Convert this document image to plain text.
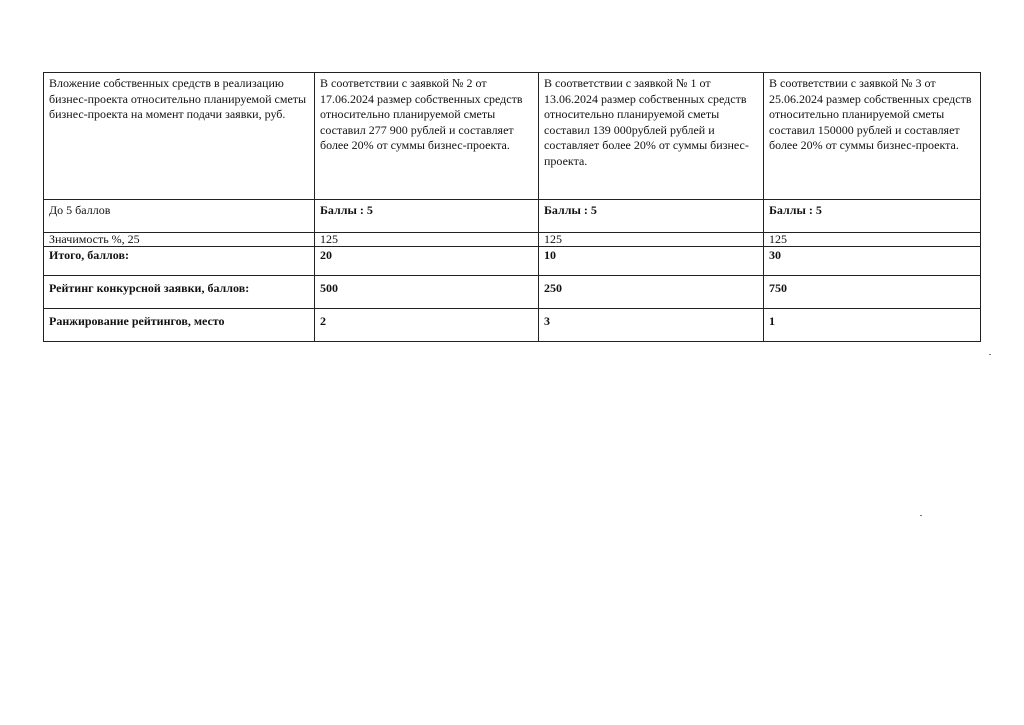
Вложение собственных средств в реализацию бизнес-проекта относительно планируемой сметы бизнес-проекта на момент подачи заявки, руб.	В соответствии с заявкой № 2 от 17.06.2024 размер собственных средств относительно планируемой сметы составил 277 900 рублей и составляет более 20% от суммы бизнес-проекта.	В соответствии с заявкой № 1 от 13.06.2024 размер собственных средств относительно планируемой сметы составил 139 000рублей рублей и составляет более 20% от суммы бизнес-проекта.	В соответствии с заявкой № 3 от 25.06.2024 размер собственных средств относительно планируемой сметы составил 150000 рублей и составляет более 20% от суммы бизнес-проекта.
До 5 баллов	Баллы : 5	Баллы : 5	Баллы : 5
Значимость %, 25	125	125	125
Итого, баллов:	20	10	30
Рейтинг конкурсной заявки, баллов:	500	250	750
Ранжирование рейтингов, место	2	3	1
